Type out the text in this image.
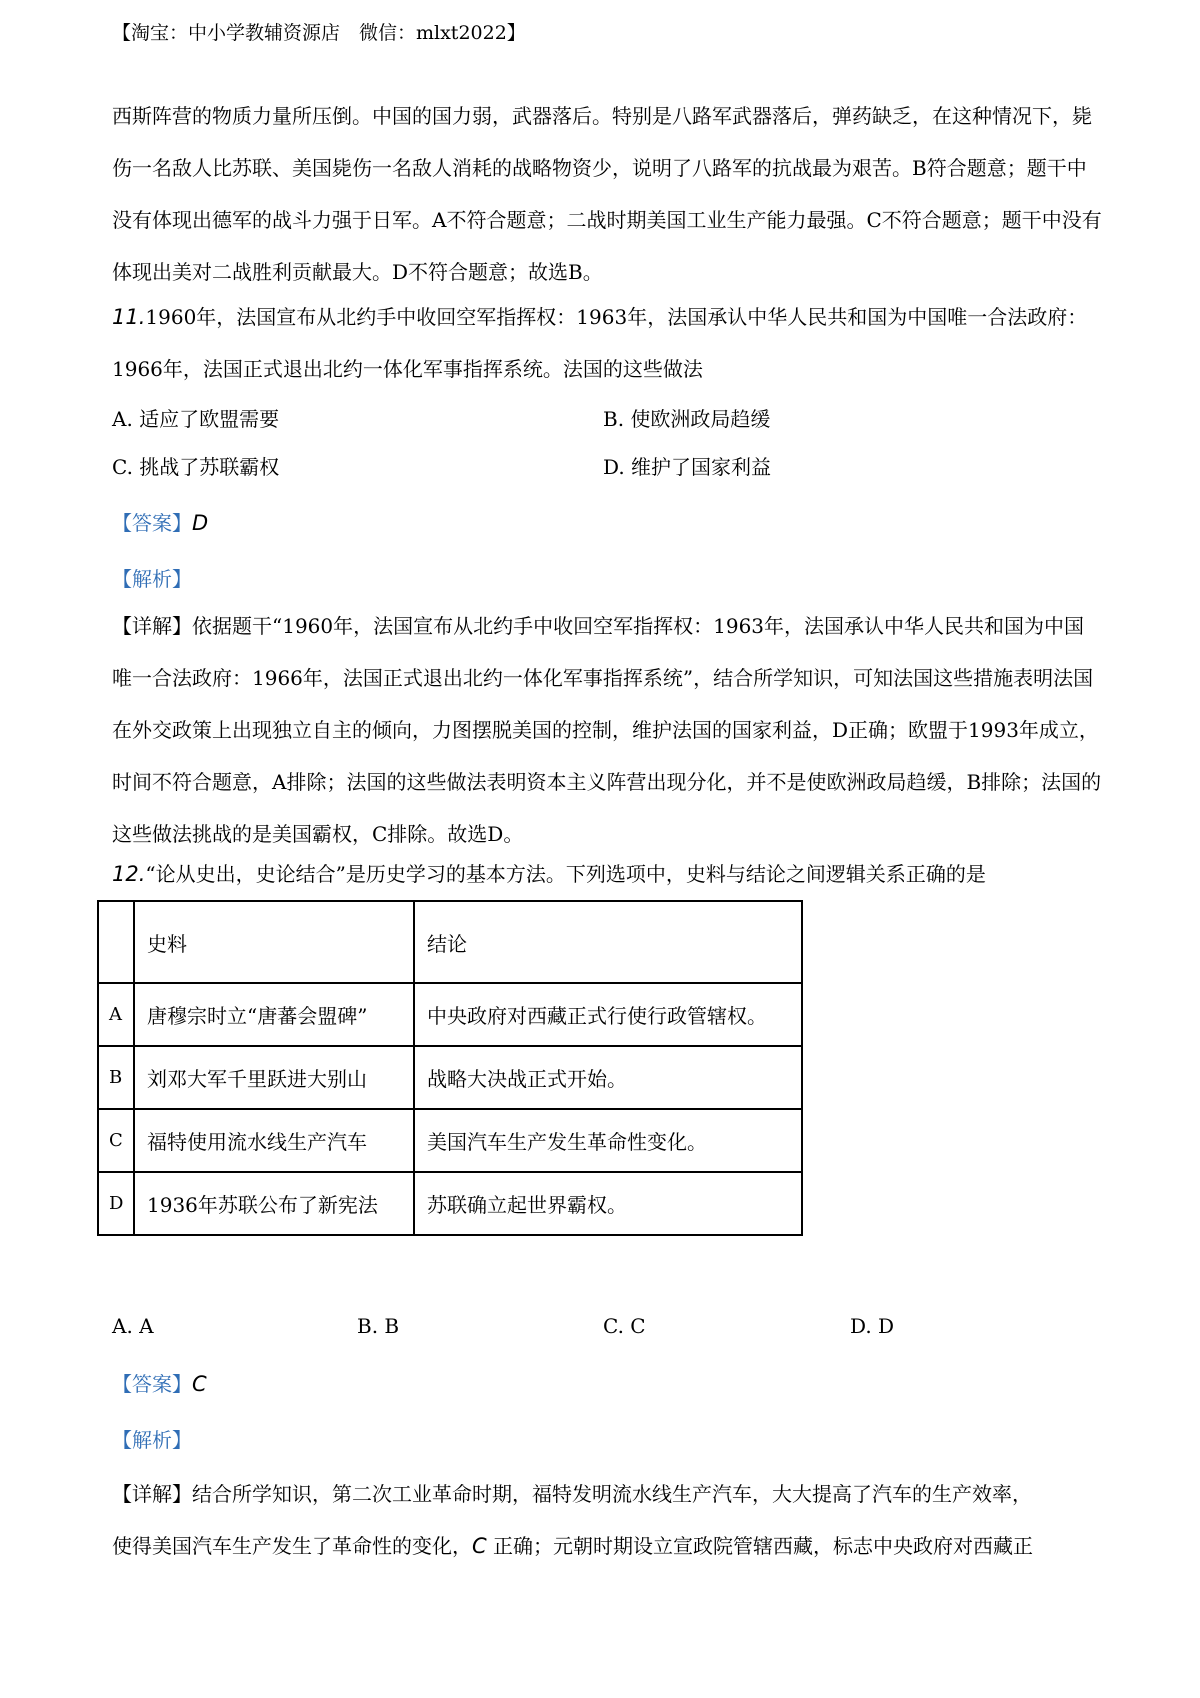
【淘宝：中小学教辅资源店　微信：mlxt2022】

西斯阵营的物质力量所压倒。中国的国力弱，武器落后。特别是八路军武器落后，弹药缺乏，在这种情况下，毙伤一名敌人比苏联、美国毙伤一名敌人消耗的战略物资少，说明了八路军的抗战最为艰苦。B符合题意；题干中没有体现出德军的战斗力强于日军。A不符合题意；二战时期美国工业生产能力最强。C不符合题意；题干中没有体现出美对二战胜利贡献最大。D不符合题意；故选B。

11.1960年，法国宣布从北约手中收回空军指挥权：1963年，法国承认中华人民共和国为中国唯一合法政府：1966年，法国正式退出北约一体化军事指挥系统。法国的这些做法

A. 适应了欧盟需要	B. 使欧洲政局趋缓
C. 挑战了苏联霸权	D. 维护了国家利益
【答案】D
【解析】

【详解】依据题干“1960年，法国宣布从北约手中收回空军指挥权：1963年，法国承认中华人民共和国为中国唯一合法政府：1966年，法国正式退出北约一体化军事指挥系统”，结合所学知识，可知法国这些措施表明法国在外交政策上出现独立自主的倾向，力图摆脱美国的控制，维护法国的国家利益，D正确；欧盟于1993年成立，时间不符合题意，A排除；法国的这些做法表明资本主义阵营出现分化，并不是使欧洲政局趋缓，B排除；法国的这些做法挑战的是美国霸权，C排除。故选D。

12.“论从史出，史论结合”是历史学习的基本方法。下列选项中，史料与结论之间逻辑关系正确的是
	史料	结论
A	唐穆宗时立“唐蕃会盟碑”	中央政府对西藏正式行使行政管辖权。
B	刘邓大军千里跃进大别山	战略大决战正式开始。
C	福特使用流水线生产汽车	美国汽车生产发生革命性变化。
D	1936年苏联公布了新宪法	苏联确立起世界霸权。
A. A	B. B	C. C	D. D
【答案】C
【解析】
【详解】结合所学知识，第二次工业革命时期，福特发明流水线生产汽车，大大提高了汽车的生产效率，
使得美国汽车生产发生了革命性的变化，C 正确；元朝时期设立宣政院管辖西藏，标志中央政府对西藏正
